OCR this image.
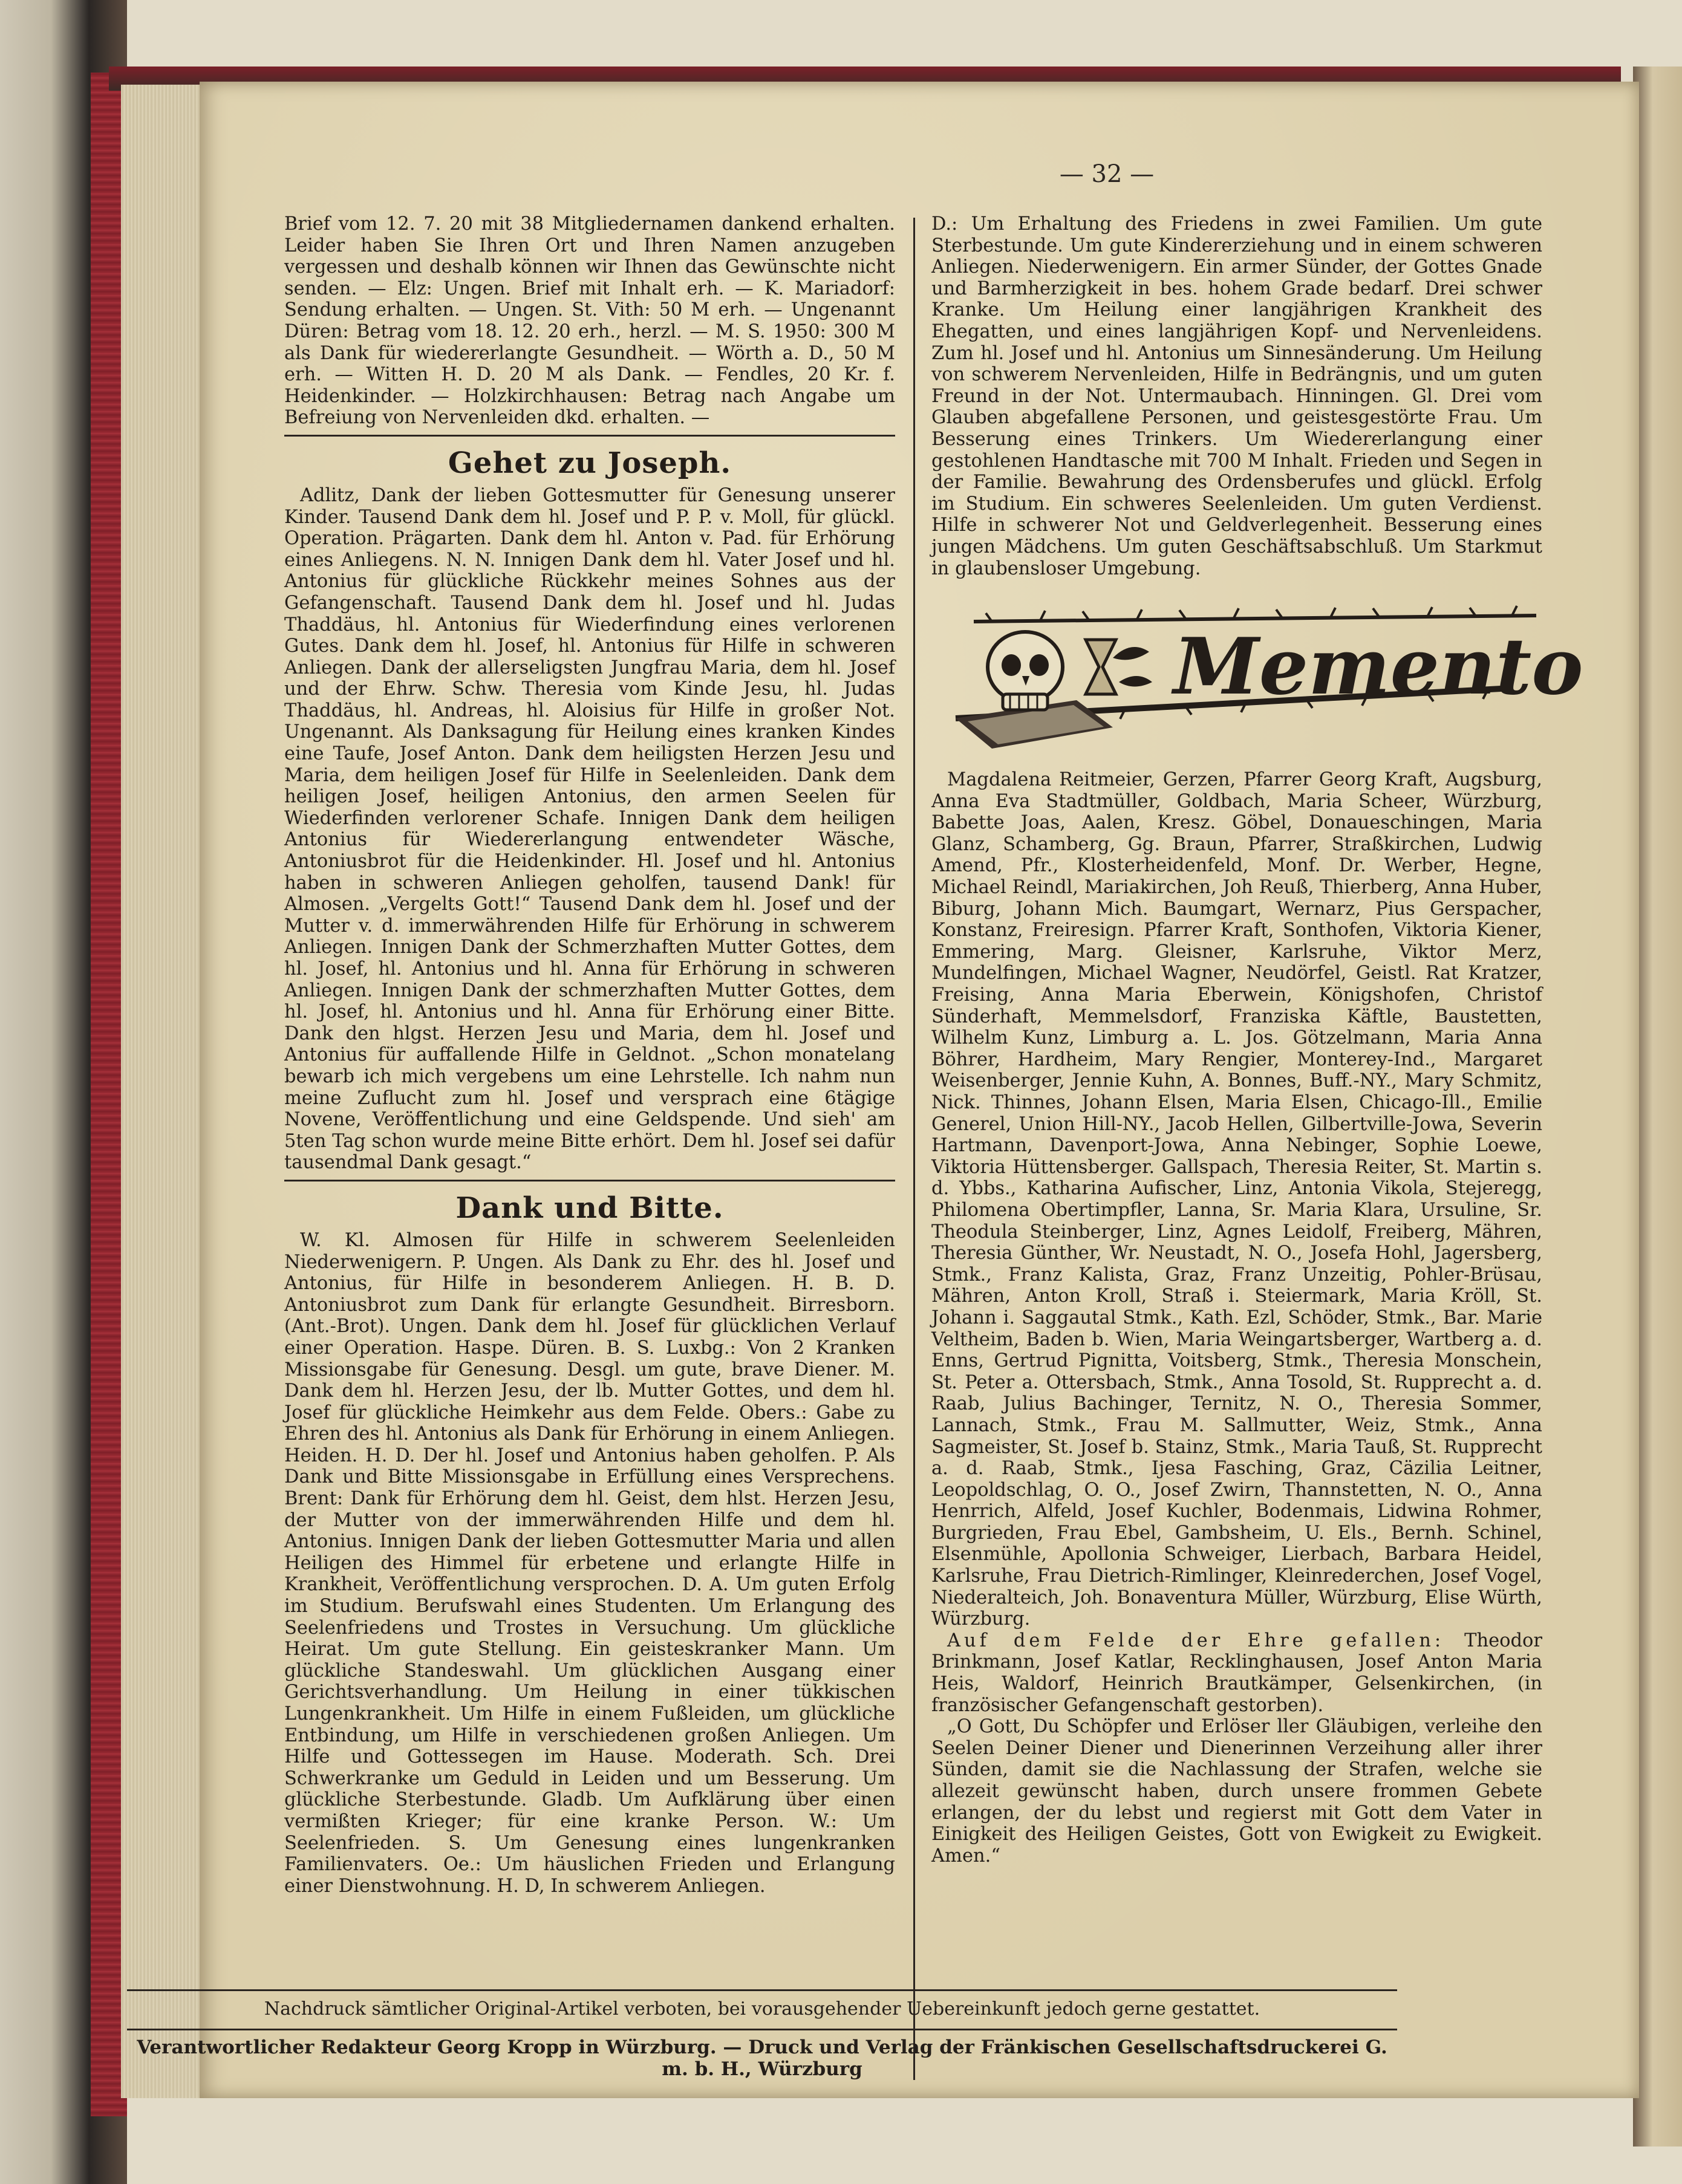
— 32 —

Brief vom 12. 7. 20 mit 38 Mitgliedernamen dankend erhalten. Leider haben Sie Ihren Ort und Ihren Namen anzugeben vergessen und deshalb können wir Ihnen das Gewünschte nicht senden. — Elz: Ungen. Brief mit Inhalt erh. — K. Mariadorf: Sendung erhalten. — Ungen. St. Vith: 50 M erh. — Ungenannt Düren: Betrag vom 18. 12. 20 erh., herzl. — M. S. 1950: 300 M als Dank für wiedererlangte Gesundheit. — Wörth a. D., 50 M erh. — Witten H. D. 20 M als Dank. — Fendles, 20 Kr. f. Heidenkinder. — Holzkirchhausen: Betrag nach Angabe um Befreiung von Nervenleiden dkd. erhalten. —

Gehet zu Joseph.

Adlitz, Dank der lieben Gottesmutter für Genesung unserer Kinder. Tausend Dank dem hl. Josef und P. P. v. Moll, für glückl. Operation. Prägarten. Dank dem hl. Anton v. Pad. für Erhörung eines Anliegens. N. N. Innigen Dank dem hl. Vater Josef und hl. Antonius für glückliche Rückkehr meines Sohnes aus der Gefangenschaft. Tausend Dank dem hl. Josef und hl. Judas Thaddäus, hl. Antonius für Wiederfindung eines verlorenen Gutes. Dank dem hl. Josef, hl. Antonius für Hilfe in schweren Anliegen. Dank der allerseligsten Jungfrau Maria, dem hl. Josef und der Ehrw. Schw. Theresia vom Kinde Jesu, hl. Judas Thaddäus, hl. Andreas, hl. Aloisius für Hilfe in großer Not. Ungenannt. Als Danksagung für Heilung eines kranken Kindes eine Taufe, Josef Anton. Dank dem heiligsten Herzen Jesu und Maria, dem heiligen Josef für Hilfe in Seelenleiden. Dank dem heiligen Josef, heiligen Antonius, den armen Seelen für Wiederfinden verlorener Schafe. Innigen Dank dem heiligen Antonius für Wiedererlangung entwendeter Wäsche, Antoniusbrot für die Heidenkinder. Hl. Josef und hl. Antonius haben in schweren Anliegen geholfen, tausend Dank! für Almosen. „Vergelts Gott!“ Tausend Dank dem hl. Josef und der Mutter v. d. immerwährenden Hilfe für Erhörung in schwerem Anliegen. Innigen Dank der Schmerzhaften Mutter Gottes, dem hl. Josef, hl. Antonius und hl. Anna für Erhörung in schweren Anliegen. Innigen Dank der schmerzhaften Mutter Gottes, dem hl. Josef, hl. Antonius und hl. Anna für Erhörung einer Bitte. Dank den hlgst. Herzen Jesu und Maria, dem hl. Josef und Antonius für auffallende Hilfe in Geldnot. „Schon monatelang bewarb ich mich vergebens um eine Lehrstelle. Ich nahm nun meine Zuflucht zum hl. Josef und versprach eine 6tägige Novene, Veröffentlichung und eine Geldspende. Und sieh' am 5ten Tag schon wurde meine Bitte erhört. Dem hl. Josef sei dafür tausendmal Dank gesagt.“

Dank und Bitte.

W. Kl. Almosen für Hilfe in schwerem Seelenleiden Niederwenigern. P. Ungen. Als Dank zu Ehr. des hl. Josef und Antonius, für Hilfe in besonderem Anliegen. H. B. D. Antoniusbrot zum Dank für erlangte Gesundheit. Birresborn. (Ant.-Brot). Ungen. Dank dem hl. Josef für glücklichen Verlauf einer Operation. Haspe. Düren. B. S. Luxbg.: Von 2 Kranken Missionsgabe für Genesung. Desgl. um gute, brave Diener. M. Dank dem hl. Herzen Jesu, der lb. Mutter Gottes, und dem hl. Josef für glückliche Heimkehr aus dem Felde. Obers.: Gabe zu Ehren des hl. Antonius als Dank für Erhörung in einem Anliegen. Heiden. H. D. Der hl. Josef und Antonius haben geholfen. P. Als Dank und Bitte Missionsgabe in Erfüllung eines Versprechens. Brent: Dank für Erhörung dem hl. Geist, dem hlst. Herzen Jesu, der Mutter von der immerwährenden Hilfe und dem hl. Antonius. Innigen Dank der lieben Gottesmutter Maria und allen Heiligen des Himmel für erbetene und erlangte Hilfe in Krankheit, Veröffentlichung versprochen. D. A. Um guten Erfolg im Studium. Berufswahl eines Studenten. Um Erlangung des Seelenfriedens und Trostes in Versuchung. Um glückliche Heirat. Um gute Stellung. Ein geisteskranker Mann. Um glückliche Standeswahl. Um glücklichen Ausgang einer Gerichtsverhandlung. Um Heilung in einer tükkischen Lungenkrankheit. Um Hilfe in einem Fußleiden, um glückliche Entbindung, um Hilfe in verschiedenen großen Anliegen. Um Hilfe und Gottessegen im Hause. Moderath. Sch. Drei Schwerkranke um Geduld in Leiden und um Besserung. Um glückliche Sterbestunde. Gladb. Um Aufklärung über einen vermißten Krieger; für eine kranke Person. W.: Um Seelenfrieden. S. Um Genesung eines lungenkranken Familienvaters. Oe.: Um häuslichen Frieden und Erlangung einer Dienstwohnung. H. D, In schwerem Anliegen.

D.: Um Erhaltung des Friedens in zwei Familien. Um gute Sterbestunde. Um gute Kindererziehung und in einem schweren Anliegen. Niederwenigern. Ein armer Sünder, der Gottes Gnade und Barmherzigkeit in bes. hohem Grade bedarf. Drei schwer Kranke. Um Heilung einer langjährigen Krankheit des Ehegatten, und eines langjährigen Kopf- und Nervenleidens. Zum hl. Josef und hl. Antonius um Sinnesänderung. Um Heilung von schwerem Nervenleiden, Hilfe in Bedrängnis, und um guten Freund in der Not. Untermaubach. Hinningen. Gl. Drei vom Glauben abgefallene Personen, und geistesgestörte Frau. Um Besserung eines Trinkers. Um Wiedererlangung einer gestohlenen Handtasche mit 700 M Inhalt. Frieden und Segen in der Familie. Bewahrung des Ordensberufes und glückl. Erfolg im Studium. Ein schweres Seelenleiden. Um guten Verdienst. Hilfe in schwerer Not und Geldverlegenheit. Besserung eines jungen Mädchens. Um guten Geschäftsabschluß. Um Starkmut in glaubensloser Umgebung.

Memento

Magdalena Reitmeier, Gerzen, Pfarrer Georg Kraft, Augsburg, Anna Eva Stadtmüller, Goldbach, Maria Scheer, Würzburg, Babette Joas, Aalen, Kresz. Göbel, Donaueschingen, Maria Glanz, Schamberg, Gg. Braun, Pfarrer, Straßkirchen, Ludwig Amend, Pfr., Klosterheidenfeld, Monf. Dr. Werber, Hegne, Michael Reindl, Mariakirchen, Joh Reuß, Thierberg, Anna Huber, Biburg, Johann Mich. Baumgart, Wernarz, Pius Gerspacher, Konstanz, Freiresign. Pfarrer Kraft, Sonthofen, Viktoria Kiener, Emmering, Marg. Gleisner, Karlsruhe, Viktor Merz, Mundelfingen, Michael Wagner, Neudörfel, Geistl. Rat Kratzer, Freising, Anna Maria Eberwein, Königshofen, Christof Sünderhaft, Memmelsdorf, Franziska Käftle, Baustetten, Wilhelm Kunz, Limburg a. L. Jos. Götzelmann, Maria Anna Böhrer, Hardheim, Mary Rengier, Monterey-Ind., Margaret Weisenberger, Jennie Kuhn, A. Bonnes, Buff.-NY., Mary Schmitz, Nick. Thinnes, Johann Elsen, Maria Elsen, Chicago-Ill., Emilie Generel, Union Hill-NY., Jacob Hellen, Gilbertville-Jowa, Severin Hartmann, Davenport-Jowa, Anna Nebinger, Sophie Loewe, Viktoria Hüttensberger. Gallspach, Theresia Reiter, St. Martin s. d. Ybbs., Katharina Aufischer, Linz, Antonia Vikola, Stejeregg, Philomena Obertimpfler, Lanna, Sr. Maria Klara, Ursuline, Sr. Theodula Steinberger, Linz, Agnes Leidolf, Freiberg, Mähren, Theresia Günther, Wr. Neustadt, N. O., Josefa Hohl, Jagersberg, Stmk., Franz Kalista, Graz, Franz Unzeitig, Pohler-Brüsau, Mähren, Anton Kroll, Straß i. Steiermark, Maria Kröll, St. Johann i. Saggautal Stmk., Kath. Ezl, Schöder, Stmk., Bar. Marie Veltheim, Baden b. Wien, Maria Weingartsberger, Wartberg a. d. Enns, Gertrud Pignitta, Voitsberg, Stmk., Theresia Monschein, St. Peter a. Ottersbach, Stmk., Anna Tosold, St. Rupprecht a. d. Raab, Julius Bachinger, Ternitz, N. O., Theresia Sommer, Lannach, Stmk., Frau M. Sallmutter, Weiz, Stmk., Anna Sagmeister, St. Josef b. Stainz, Stmk., Maria Tauß, St. Rupprecht a. d. Raab, Stmk., Ijesa Fasching, Graz, Cäzilia Leitner, Leopoldschlag, O. O., Josef Zwirn, Thannstetten, N. O., Anna Henrrich, Alfeld, Josef Kuchler, Bodenmais, Lidwina Rohmer, Burgrieden, Frau Ebel, Gambsheim, U. Els., Bernh. Schinel, Elsenmühle, Apollonia Schweiger, Lierbach, Barbara Heidel, Karlsruhe, Frau Dietrich-Rimlinger, Kleinrederchen, Josef Vogel, Niederalteich, Joh. Bonaventura Müller, Würzburg, Elise Würth, Würzburg.

Auf dem Felde der Ehre gefallen: Theodor Brinkmann, Josef Katlar, Recklinghausen, Josef Anton Maria Heis, Waldorf, Heinrich Brautkämper, Gelsenkirchen, (in französischer Gefangenschaft gestorben).

„O Gott, Du Schöpfer und Erlöser ller Gläubigen, verleihe den Seelen Deiner Diener und Dienerinnen Verzeihung aller ihrer Sünden, damit sie die Nachlassung der Strafen, welche sie allezeit gewünscht haben, durch unsere frommen Gebete erlangen, der du lebst und regierst mit Gott dem Vater in Einigkeit des Heiligen Geistes, Gott von Ewigkeit zu Ewigkeit. Amen.“

Nachdruck sämtlicher Original-Artikel verboten, bei vorausgehender Uebereinkunft jedoch gerne gestattet.
Verantwortlicher Redakteur Georg Kropp in Würzburg. — Druck und Verlag der Fränkischen Gesellschaftsdruckerei G. m. b. H., Würzburg
